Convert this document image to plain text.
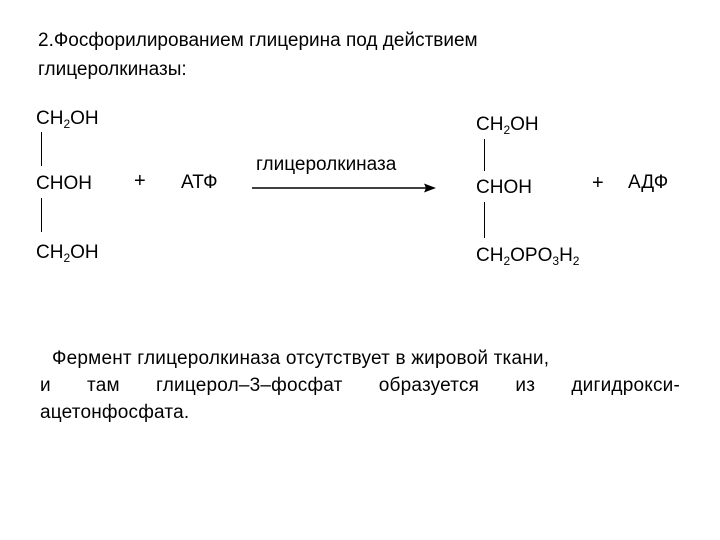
2.Фосфорилированием глицерина под действием
глицеролкиназы:
$CH_2OH$
CHOH
$CH_2OH$
+ АТФ
глицеролкиназа
$CH_2OH$
CHOH
$CH_2OPO_3H_2$
+ АДФ
Фермент глицеролкиназа отсутствует в жировой ткани,
и там глицерол–3–фосфат образуется из дигидрокси-
ацетонфосфата.
